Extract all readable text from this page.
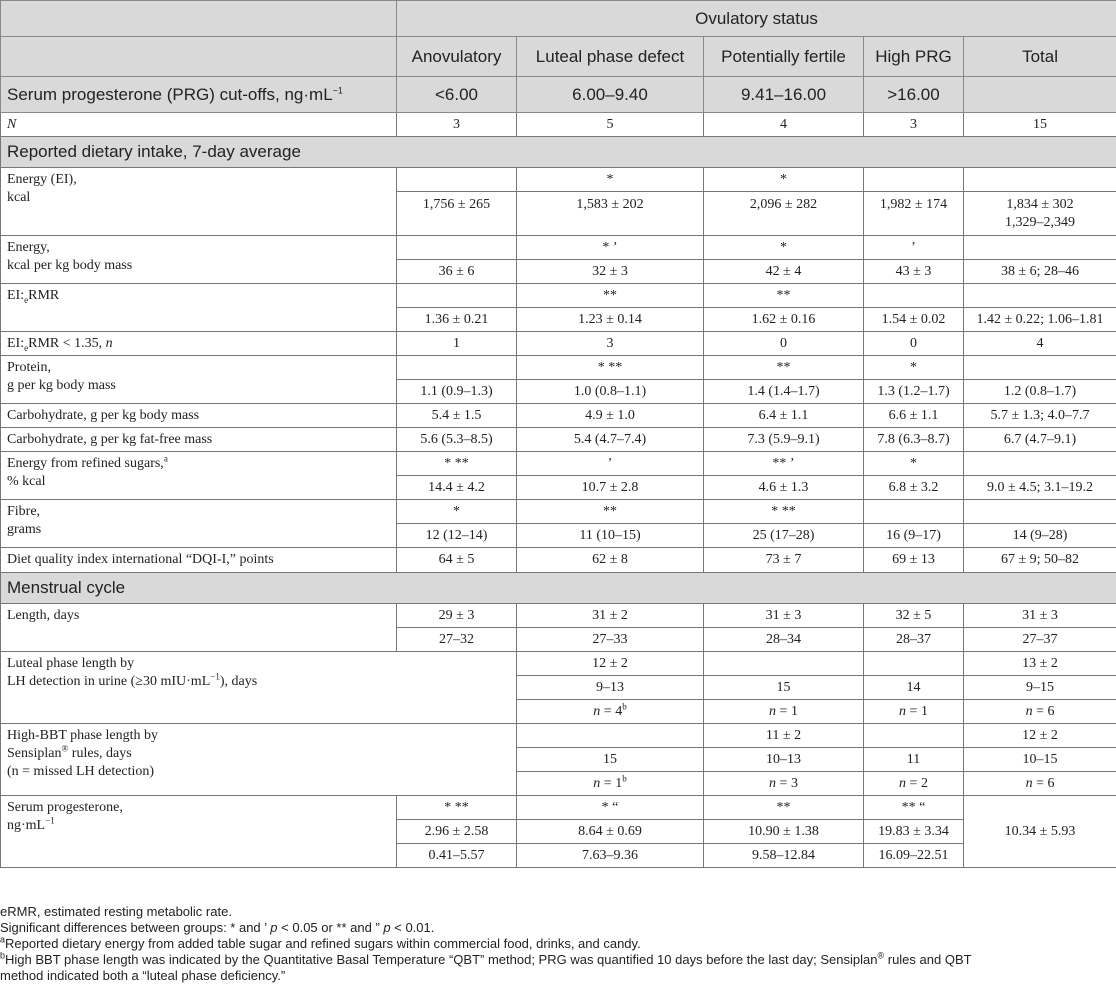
	Ovulatory status				
	Anovulatory	Luteal phase defect	Potentially fertile	High PRG	Total
Serum progesterone (PRG) cut-offs, $ng\cdot mL^{-1}$	<6.00	6.00–9.40	9.41–16.00	>16.00	
N	3	5	4	3	15
Reported dietary intake, 7-day average					

Energy (EI),
kcal		*	*		
	1,756 ± 265	1,583 ± 202	2,096 ± 282	1,982 ± 174	1,834 ± 302
1,329–2,349

Energy,
kcal per kg body mass		* ’	*	’	
	36 ± 6	32 ± 3	42 ± 4	43 ± 3	38 ± 6; 28–46
$EI:_eRMR$		**	**		
	1.36 ± 0.21	1.23 ± 0.14	1.62 ± 0.16	1.54 ± 0.02	1.42 ± 0.22; 1.06–1.81
$EI:_eRMR < 1.35$, n	1	3	0	0	4

Protein,
g per kg body mass		* **	**	*	
	1.1 (0.9–1.3)	1.0 (0.8–1.1)	1.4 (1.4–1.7)	1.3 (1.2–1.7)	1.2 (0.8–1.7)
Carbohydrate, g per kg body mass	5.4 ± 1.5	4.9 ± 1.0	6.4 ± 1.1	6.6 ± 1.1	5.7 ± 1.3; 4.0–7.7
Carbohydrate, g per kg fat-free mass	5.6 (5.3–8.5)	5.4 (4.7–7.4)	7.3 (5.9–9.1)	7.8 (6.3–8.7)	6.7 (4.7–9.1)

Energy from refined sugars,$^a$
% kcal	* **	’	** ’	*	
	14.4 ± 4.2	10.7 ± 2.8	4.6 ± 1.3	6.8 ± 3.2	9.0 ± 4.5; 3.1–19.2

Fibre,
grams	*	**	* **		
	12 (12–14)	11 (10–15)	25 (17–28)	16 (9–17)	14 (9–28)
Diet quality index international “DQI-I,” points	64 ± 5	62 ± 8	73 ± 7	69 ± 13	67 ± 9; 50–82
Menstrual cycle					
Length, days	29 ± 3	31 ± 2	31 ± 3	32 ± 5	31 ± 3
	27–32	27–33	28–34	28–37	27–37

Luteal phase length by
LH detection in urine (≥30 $mIU\cdot mL^{-1}$), days		12 ± 2			13 ± 2
		9–13	15	14	9–15
		$n = 4^b$	n = 1	n = 1	n = 6

High-BBT phase length by
Sensiplan® rules, days
(n = missed LH detection)			11 ± 2		12 ± 2
		15	10–13	11	10–15
		$n = 1^b$	n = 3	n = 2	n = 6

Serum progesterone,
$ng\cdot mL^{-1}$	* **	* “	**	** “	10.34 ± 5.93
	2.96 ± 2.58	8.64 ± 0.69	10.90 ± 1.38	19.83 ± 3.34	
	0.41–5.57	7.63–9.36	9.58–12.84	16.09–22.51	
eRMR, estimated resting metabolic rate.
Significant differences between groups: * and ’ p < 0.05 or ** and ” p < 0.01.
$^a$Reported dietary energy from added table sugar and refined sugars within commercial food, drinks, and candy.
$^b$High BBT phase length was indicated by the Quantitative Basal Temperature “QBT” method; PRG was quantified 10 days before the last day; Sensiplan® rules and QBT
method indicated both a “luteal phase deficiency.”
